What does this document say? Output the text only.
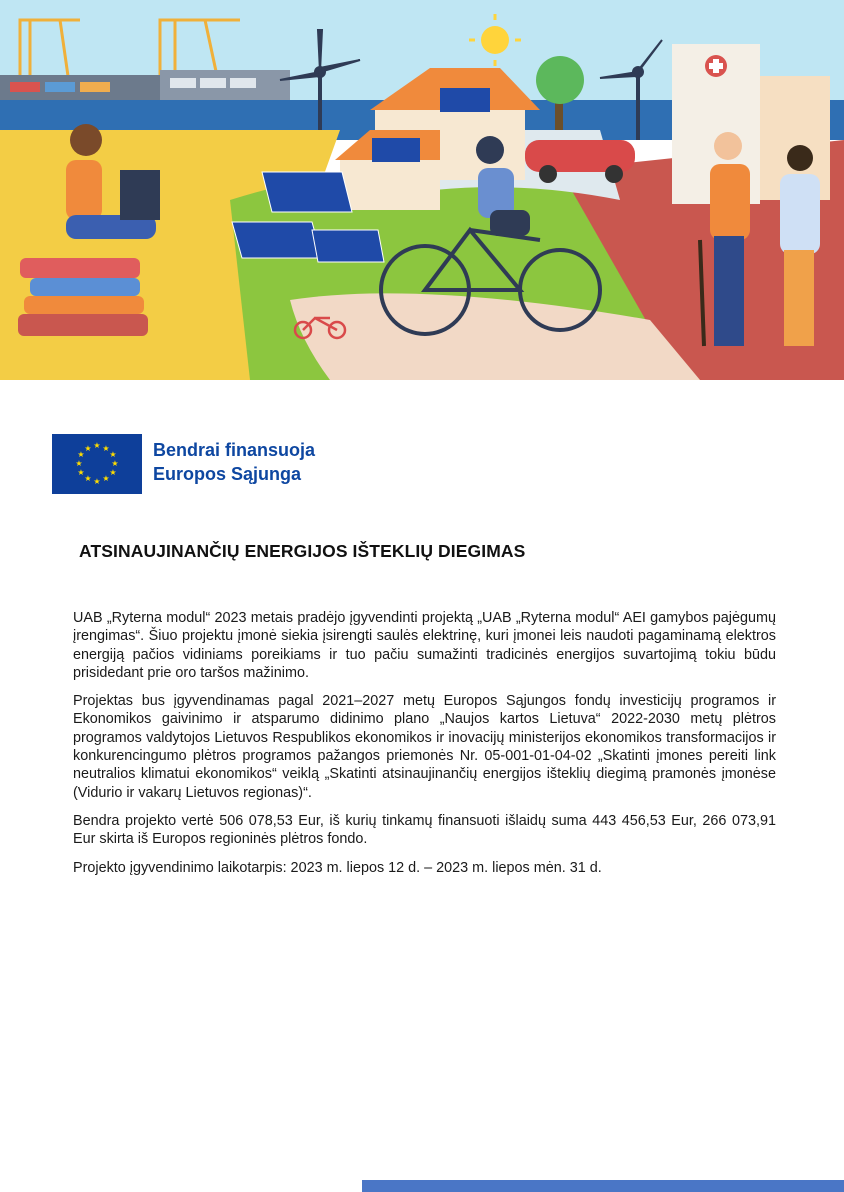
★ ★
★
★
★
★
★
★
★
★
★
★	Bendrai finansuoja
Europos Sąjunga
ATSINAUJINANČIŲ ENERGIJOS IŠTEKLIŲ DIEGIMAS

UAB „Ryterna modul“ 2023 metais pradėjo įgyvendinti projektą „UAB „Ryterna modul“ AEI gamybos pajėgumų įrengimas“. Šiuo projektu įmonė siekia įsirengti saulės elektrinę, kuri įmonei leis naudoti pagaminamą elektros energiją pačios vidiniams poreikiams ir tuo pačiu sumažinti tradicinės energijos suvartojimą tokiu būdu prisidedant prie oro taršos mažinimo.

Projektas bus įgyvendinamas pagal 2021–2027 metų Europos Sąjungos fondų investicijų programos ir Ekonomikos gaivinimo ir atsparumo didinimo plano „Naujos kartos Lietuva“ 2022-2030 metų plėtros programos valdytojos Lietuvos Respublikos ekonomikos ir inovacijų ministerijos ekonomikos transformacijos ir konkurencingumo plėtros programos pažangos priemonės Nr. 05-001-01-04-02 „Skatinti įmones pereiti link neutralios klimatui ekonomikos“ veiklą „Skatinti atsinaujinančių energijos išteklių diegimą pramonės įmonėse (Vidurio ir vakarų Lietuvos regionas)“.

Bendra projekto vertė 506 078,53 Eur, iš kurių tinkamų finansuoti išlaidų suma 443 456,53 Eur, 266 073,91 Eur skirta iš Europos regioninės plėtros fondo.

Projekto įgyvendinimo laikotarpis: 2023 m. liepos 12 d. – 2023 m. liepos mėn. 31 d.
